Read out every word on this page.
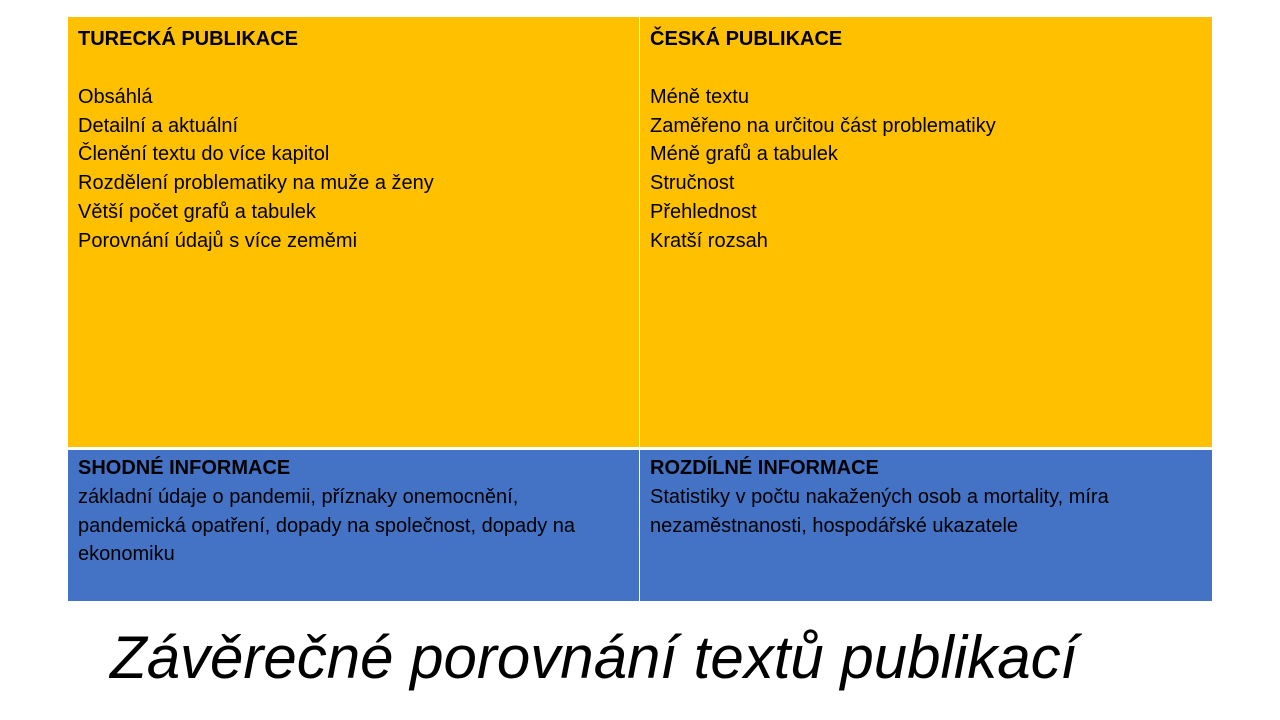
TURECKÁ PUBLIKACE
Obsáhlá
Detailní a aktuální
Členění textu do více kapitol
Rozdělení problematiky na muže a ženy
Větší počet grafů a tabulek
Porovnání údajů s více zeměmi
ČESKÁ PUBLIKACE
Méně textu
Zaměřeno na určitou část problematiky
Méně grafů a tabulek
Stručnost
Přehlednost
Kratší rozsah
SHODNÉ INFORMACE
základní údaje o pandemii, příznaky onemocnění, pandemická opatření, dopady na společnost, dopady na ekonomiku
ROZDÍLNÉ INFORMACE
Statistiky v počtu nakažených osob a mortality, míra nezaměstnanosti, hospodářské ukazatele
Závěrečné porovnání textů publikací
